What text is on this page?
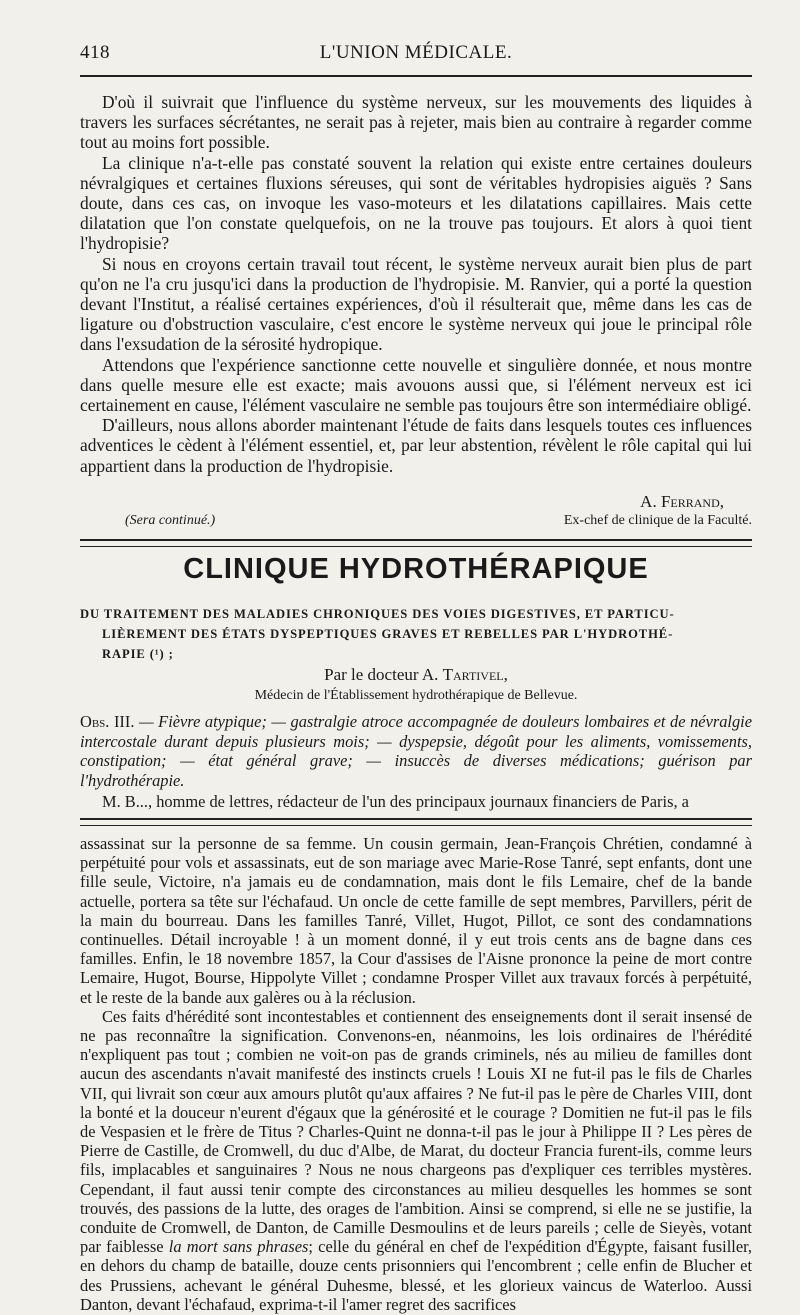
418	L'UNION MÉDICALE.

D'où il suivrait que l'influence du système nerveux, sur les mouvements des liquides à travers les surfaces sécrétantes, ne serait pas à rejeter, mais bien au contraire à regarder comme tout au moins fort possible.

La clinique n'a-t-elle pas constaté souvent la relation qui existe entre certaines douleurs névralgiques et certaines fluxions séreuses, qui sont de véritables hydropisies aiguës ? Sans doute, dans ces cas, on invoque les vaso-moteurs et les dilatations capillaires. Mais cette dilatation que l'on constate quelquefois, on ne la trouve pas toujours. Et alors à quoi tient l'hydropisie?

Si nous en croyons certain travail tout récent, le système nerveux aurait bien plus de part qu'on ne l'a cru jusqu'ici dans la production de l'hydropisie. M. Ranvier, qui a porté la question devant l'Institut, a réalisé certaines expériences, d'où il résulterait que, même dans les cas de ligature ou d'obstruction vasculaire, c'est encore le système nerveux qui joue le principal rôle dans l'exsudation de la sérosité hydropique.

Attendons que l'expérience sanctionne cette nouvelle et singulière donnée, et nous montre dans quelle mesure elle est exacte; mais avouons aussi que, si l'élément nerveux est ici certainement en cause, l'élément vasculaire ne semble pas toujours être son intermédiaire obligé.

D'ailleurs, nous allons aborder maintenant l'étude de faits dans lesquels toutes ces influences adventices le cèdent à l'élément essentiel, et, par leur abstention, révèlent le rôle capital qui lui appartient dans la production de l'hydropisie.

A. Ferrand,
(Sera continué.)	Ex-chef de clinique de la Faculté.
CLINIQUE HYDROTHÉRAPIQUE
DU TRAITEMENT DES MALADIES CHRONIQUES DES VOIES DIGESTIVES, ET PARTICU-
LIÈREMENT DES ÉTATS DYSPEPTIQUES GRAVES ET REBELLES PAR L'HYDROTHÉ-
RAPIE (¹) ;
Par le docteur A. Tartivel,
Médecin de l'Établissement hydrothérapique de Bellevue.
Obs. III. — Fièvre atypique; — gastralgie atroce accompagnée de douleurs lombaires et de névralgie intercostale durant depuis plusieurs mois; — dyspepsie, dégoût pour les aliments, vomissements, constipation; — état général grave; — insuccès de diverses médications; guérison par l'hydrothérapie.
M. B..., homme de lettres, rédacteur de l'un des principaux journaux financiers de Paris, a

assassinat sur la personne de sa femme. Un cousin germain, Jean-François Chrétien, condamné à perpétuité pour vols et assassinats, eut de son mariage avec Marie-Rose Tanré, sept enfants, dont une fille seule, Victoire, n'a jamais eu de condamnation, mais dont le fils Lemaire, chef de la bande actuelle, portera sa tête sur l'échafaud. Un oncle de cette famille de sept membres, Parvillers, périt de la main du bourreau. Dans les familles Tanré, Villet, Hugot, Pillot, ce sont des condamnations continuelles. Détail incroyable ! à un moment donné, il y eut trois cents ans de bagne dans ces familles. Enfin, le 18 novembre 1857, la Cour d'assises de l'Aisne prononce la peine de mort contre Lemaire, Hugot, Bourse, Hippolyte Villet ; condamne Prosper Villet aux travaux forcés à perpétuité, et le reste de la bande aux galères ou à la réclusion.

Ces faits d'hérédité sont incontestables et contiennent des enseignements dont il serait insensé de ne pas reconnaître la signification. Convenons-en, néanmoins, les lois ordinaires de l'hérédité n'expliquent pas tout ; combien ne voit-on pas de grands criminels, nés au milieu de familles dont aucun des ascendants n'avait manifesté des instincts cruels ! Louis XI ne fut-il pas le fils de Charles VII, qui livrait son cœur aux amours plutôt qu'aux affaires ? Ne fut-il pas le père de Charles VIII, dont la bonté et la douceur n'eurent d'égaux que la générosité et le courage ? Domitien ne fut-il pas le fils de Vespasien et le frère de Titus ? Charles-Quint ne donna-t-il pas le jour à Philippe II ? Les pères de Pierre de Castille, de Cromwell, du duc d'Albe, de Marat, du docteur Francia furent-ils, comme leurs fils, implacables et sanguinaires ? Nous ne nous chargeons pas d'expliquer ces terribles mystères. Cependant, il faut aussi tenir compte des circonstances au milieu desquelles les hommes se sont trouvés, des passions de la lutte, des orages de l'ambition. Ainsi se comprend, si elle ne se justifie, la conduite de Cromwell, de Danton, de Camille Desmoulins et de leurs pareils ; celle de Sieyès, votant par faiblesse la mort sans phrases; celle du général en chef de l'expédition d'Égypte, faisant fusiller, en dehors du champ de bataille, douze cents prisonniers qui l'encombrent ; celle enfin de Blucher et des Prussiens, achevant le général Duhesme, blessé, et les glorieux vaincus de Waterloo. Aussi Danton, devant l'échafaud, exprima-t-il l'amer regret des sacrifices
